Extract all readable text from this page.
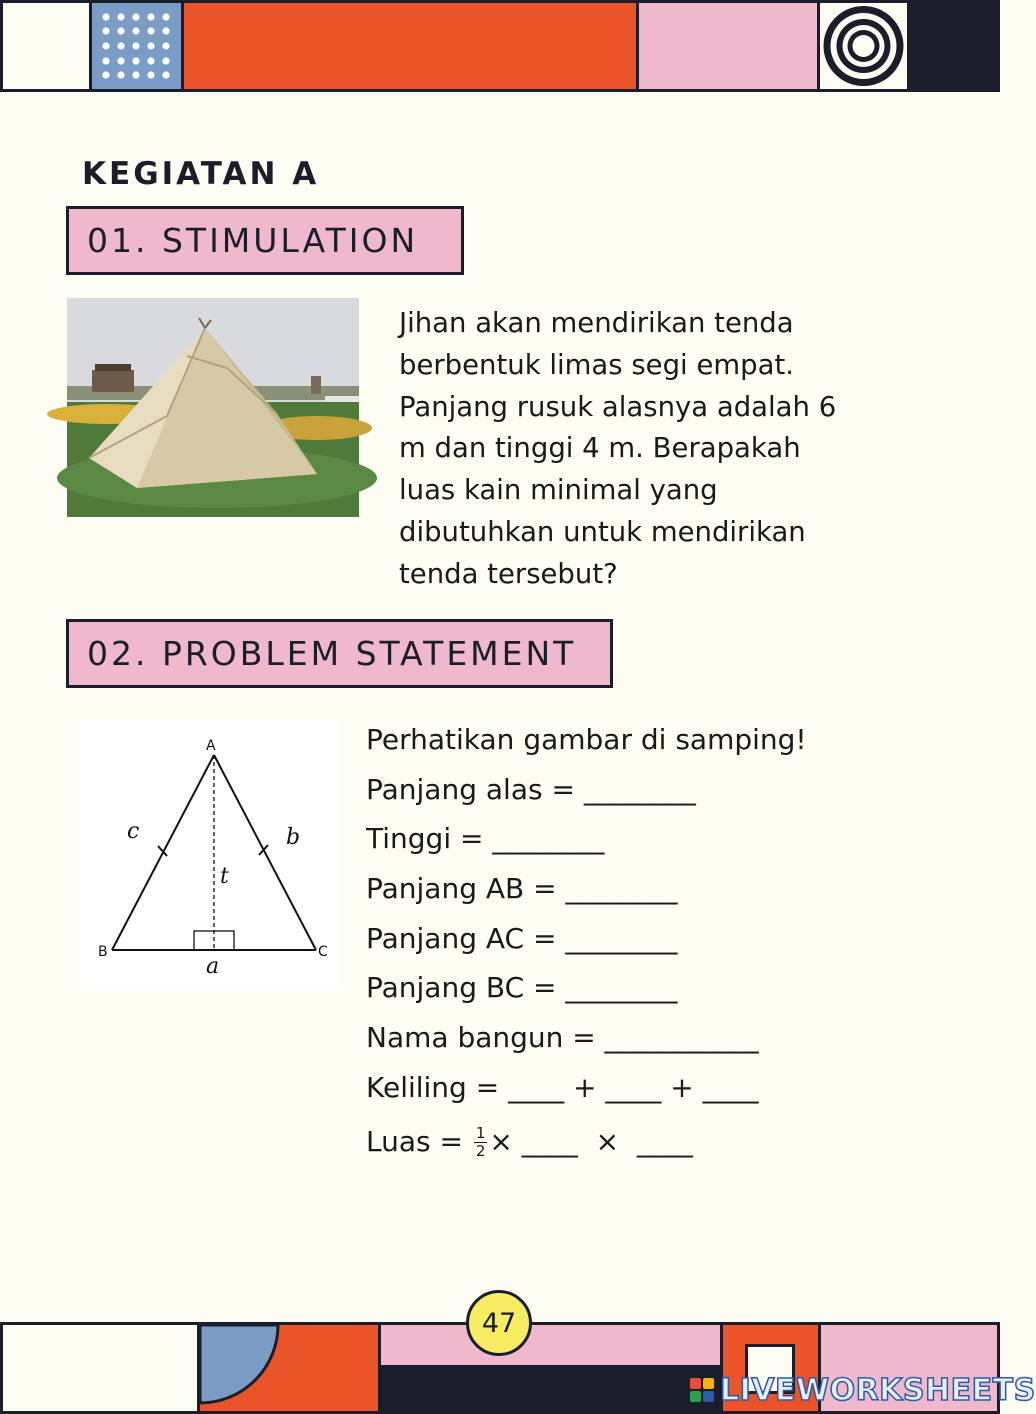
KEGIATAN A
01. STIMULATION
Jihan akan mendirikan tenda
berbentuk limas segi empat.
Panjang rusuk alasnya adalah 6
m dan tinggi 4 m. Berapakah
luas kain minimal yang
dibutuhkan untuk mendirikan
tenda tersebut?
02. PROBLEM STATEMENT
A
B	C
a
b
c
t
Perhatikan gambar di samping!
Panjang alas = ________
Tinggi = ________
Panjang AB = ________
Panjang AC = ________
Panjang BC = ________
Nama bangun = ___________
Keliling = ____ + ____ + ____
Luas = $\frac{1}{2}$ × ____  ×  ____
47
LIVEWORKSHEETS
